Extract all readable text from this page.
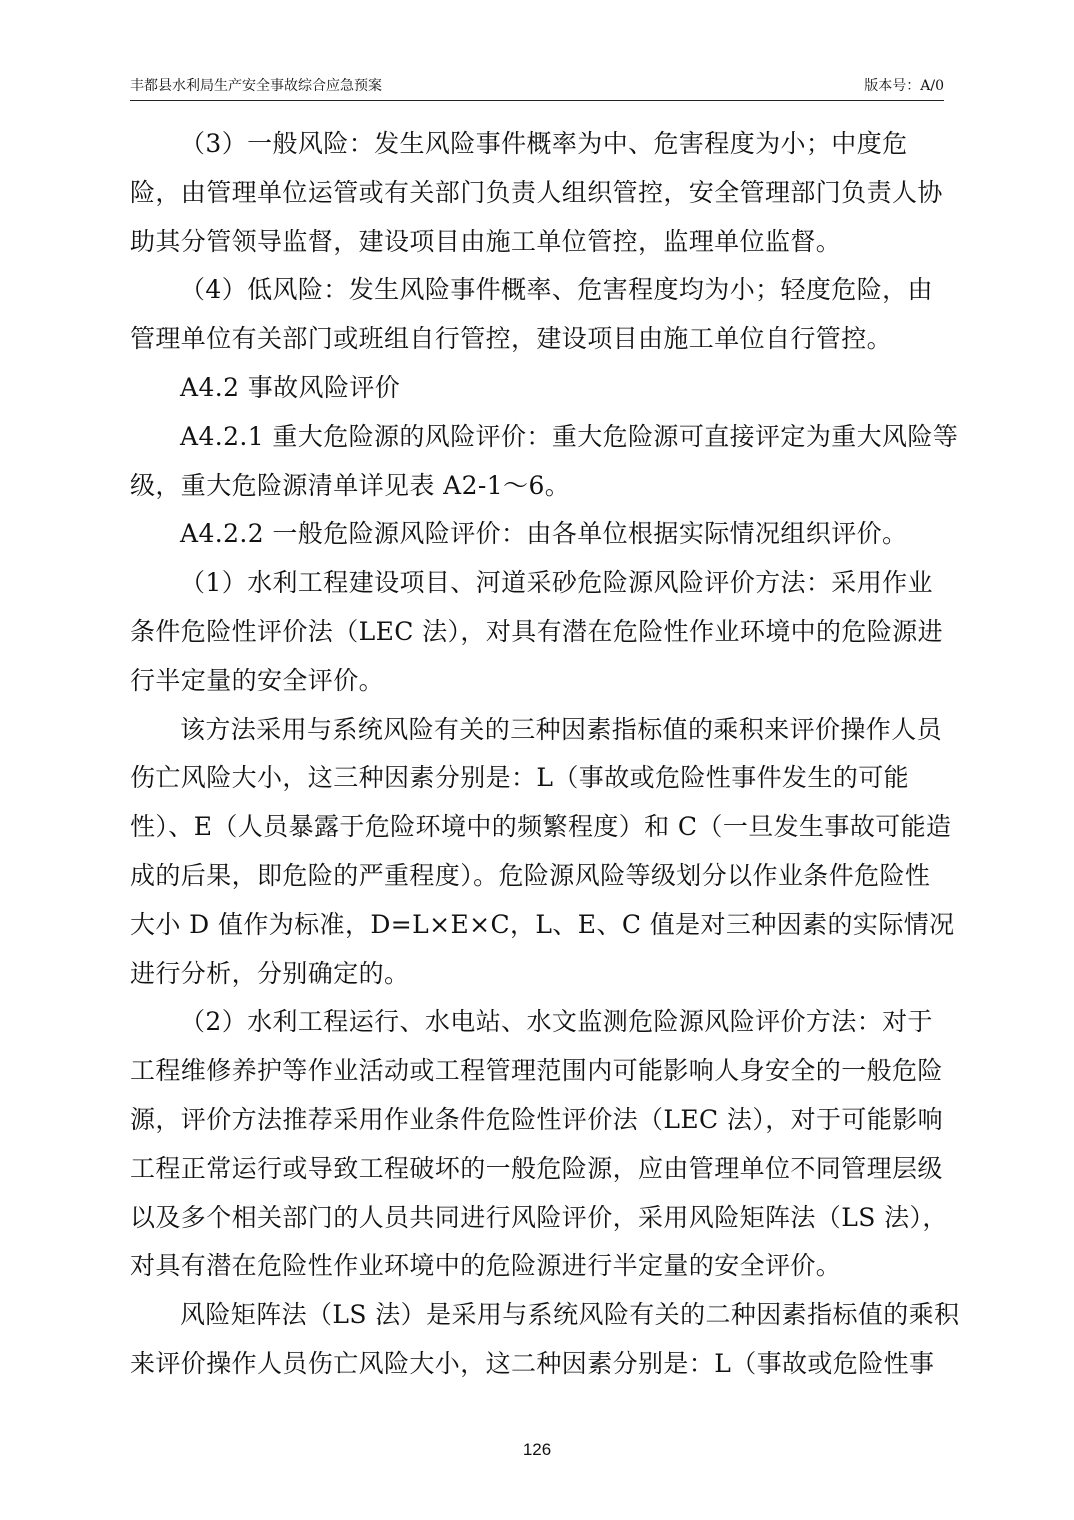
丰都县水利局生产安全事故综合应急预案	版本号：A/0

（3）一般风险：发生风险事件概率为中、危害程度为小；中度危
险，由管理单位运管或有关部门负责人组织管控，安全管理部门负责人协
助其分管领导监督，建设项目由施工单位管控，监理单位监督。

（4）低风险：发生风险事件概率、危害程度均为小；轻度危险，由
管理单位有关部门或班组自行管控，建设项目由施工单位自行管控。

A4.2 事故风险评价

A4.2.1 重大危险源的风险评价：重大危险源可直接评定为重大风险等
级，重大危险源清单详见表 A2-1～6。

A4.2.2 一般危险源风险评价：由各单位根据实际情况组织评价。

（1）水利工程建设项目、河道采砂危险源风险评价方法：采用作业
条件危险性评价法（LEC 法），对具有潜在危险性作业环境中的危险源进
行半定量的安全评价。

该方法采用与系统风险有关的三种因素指标值的乘积来评价操作人员
伤亡风险大小，这三种因素分别是：L（事故或危险性事件发生的可能
性）、E（人员暴露于危险环境中的频繁程度）和 C（一旦发生事故可能造
成的后果，即危险的严重程度）。危险源风险等级划分以作业条件危险性
大小 D 值作为标准，D=L×E×C，L、E、C 值是对三种因素的实际情况
进行分析，分别确定的。

（2）水利工程运行、水电站、水文监测危险源风险评价方法：对于
工程维修养护等作业活动或工程管理范围内可能影响人身安全的一般危险
源，评价方法推荐采用作业条件危险性评价法（LEC 法），对于可能影响
工程正常运行或导致工程破坏的一般危险源，应由管理单位不同管理层级
以及多个相关部门的人员共同进行风险评价，采用风险矩阵法（LS 法），
对具有潜在危险性作业环境中的危险源进行半定量的安全评价。

风险矩阵法（LS 法）是采用与系统风险有关的二种因素指标值的乘积
来评价操作人员伤亡风险大小，这二种因素分别是：L（事故或危险性事

126
